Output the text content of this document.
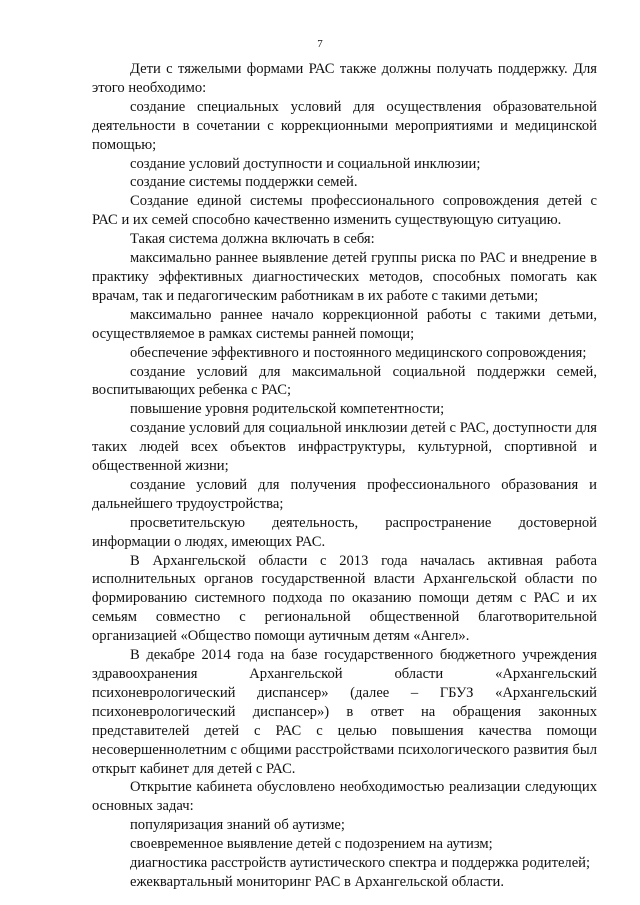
7

Дети с тяжелыми формами РАС также должны получать поддержку. Для этого необходимо:

создание специальных условий для осуществления образовательной деятельности в сочетании с коррекционными мероприятиями и медицинской помощью;

создание условий доступности и социальной инклюзии;

создание системы поддержки семей.

Создание единой системы профессионального сопровождения детей с РАС и их семей способно качественно изменить существующую ситуацию.

Такая система должна включать в себя:

максимально раннее выявление детей группы риска по РАС и внедрение в практику эффективных диагностических методов, способных помогать как врачам, так и педагогическим работникам в их работе с такими детьми;

максимально раннее начало коррекционной работы с такими детьми, осуществляемое в рамках системы ранней помощи;

обеспечение эффективного и постоянного медицинского сопровождения;

создание условий для максимальной социальной поддержки семей, воспитывающих ребенка с РАС;

повышение уровня родительской компетентности;

создание условий для социальной инклюзии детей с РАС, доступности для таких людей всех объектов инфраструктуры, культурной, спортивной и общественной жизни;

создание условий для получения профессионального образования и дальнейшего трудоустройства;

просветительскую деятельность, распространение достоверной информации о людях, имеющих РАС.

В Архангельской области с 2013 года началась активная работа исполнительных органов государственной власти Архангельской области по формированию системного подхода по оказанию помощи детям с РАС и их семьям совместно с региональной общественной благотворительной организацией «Общество помощи аутичным детям «Ангел».

В декабре 2014 года на базе государственного бюджетного учреждения здравоохранения Архангельской области «Архангельский психоневрологический диспансер» (далее – ГБУЗ «Архангельский психоневрологический диспансер») в ответ на обращения законных представителей детей с РАС с целью повышения качества помощи несовершеннолетним с общими расстройствами психологического развития был открыт кабинет для детей с РАС.

Открытие кабинета обусловлено необходимостью реализации следующих основных задач:

популяризация знаний об аутизме;

своевременное выявление детей с подозрением на аутизм;

диагностика расстройств аутистического спектра и поддержка родителей;

ежеквартальный мониторинг РАС в Архангельской области.
